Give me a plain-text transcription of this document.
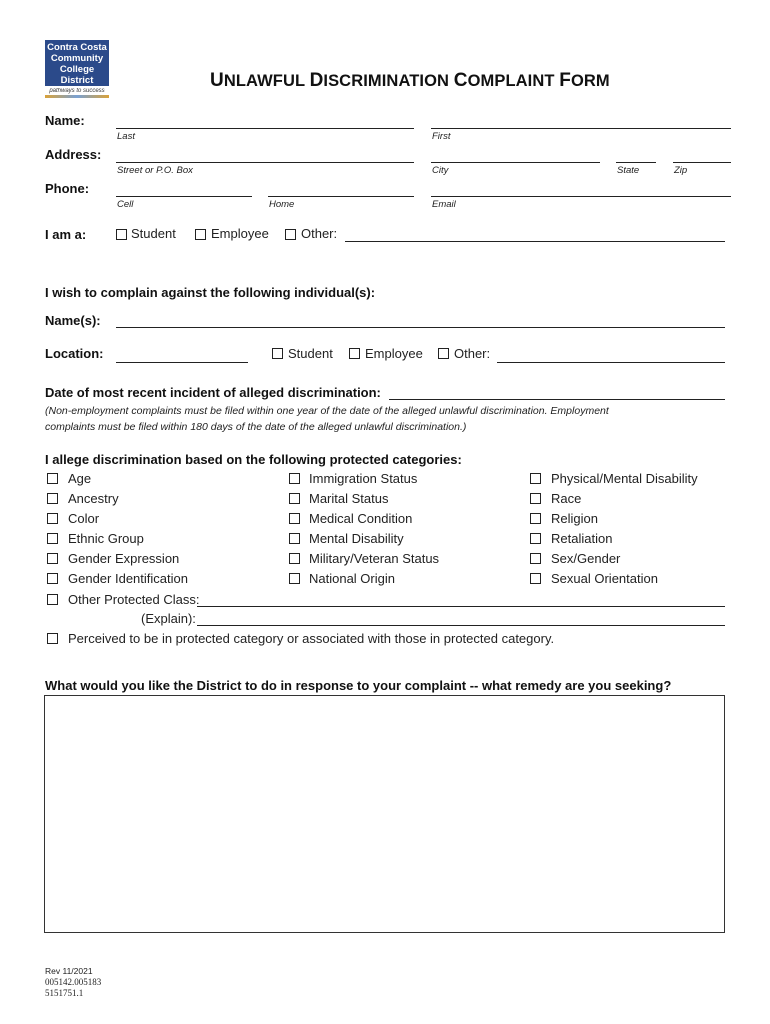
Contra Costa
Community
College District
pathways to success	UNLAWFUL DISCRIMINATION COMPLAINT FORM
Name:
Last	First
Address:
Street or P.O. Box	City	State	Zip
Phone:
Cell	Home	Email
I am a:	Student	Employee Other:
I wish to complain against the following individual(s):
Name(s):
Location:	Student Employee Other:
Date of most recent incident of alleged discrimination:
(Non-employment complaints must be filed within one year of the date of the alleged unlawful discrimination. Employment
complaints must be filed within 180 days of the date of the alleged unlawful discrimination.)
I allege discrimination based on the following protected categories:
Age
Ancestry
Color
Ethnic Group
Gender Expression
Gender Identification
Immigration Status
Marital Status
Medical Condition
Mental Disability
Military/Veteran Status
National Origin
Physical/Mental Disability
Race
Religion
Retaliation
Sex/Gender
Sexual Orientation
Other Protected Class:
(Explain):
Perceived to be in protected category or associated with those in protected category.
What would you like the District to do in response to your complaint -- what remedy are you seeking?
Rev 11/2021
005142.005183
5151751.1
